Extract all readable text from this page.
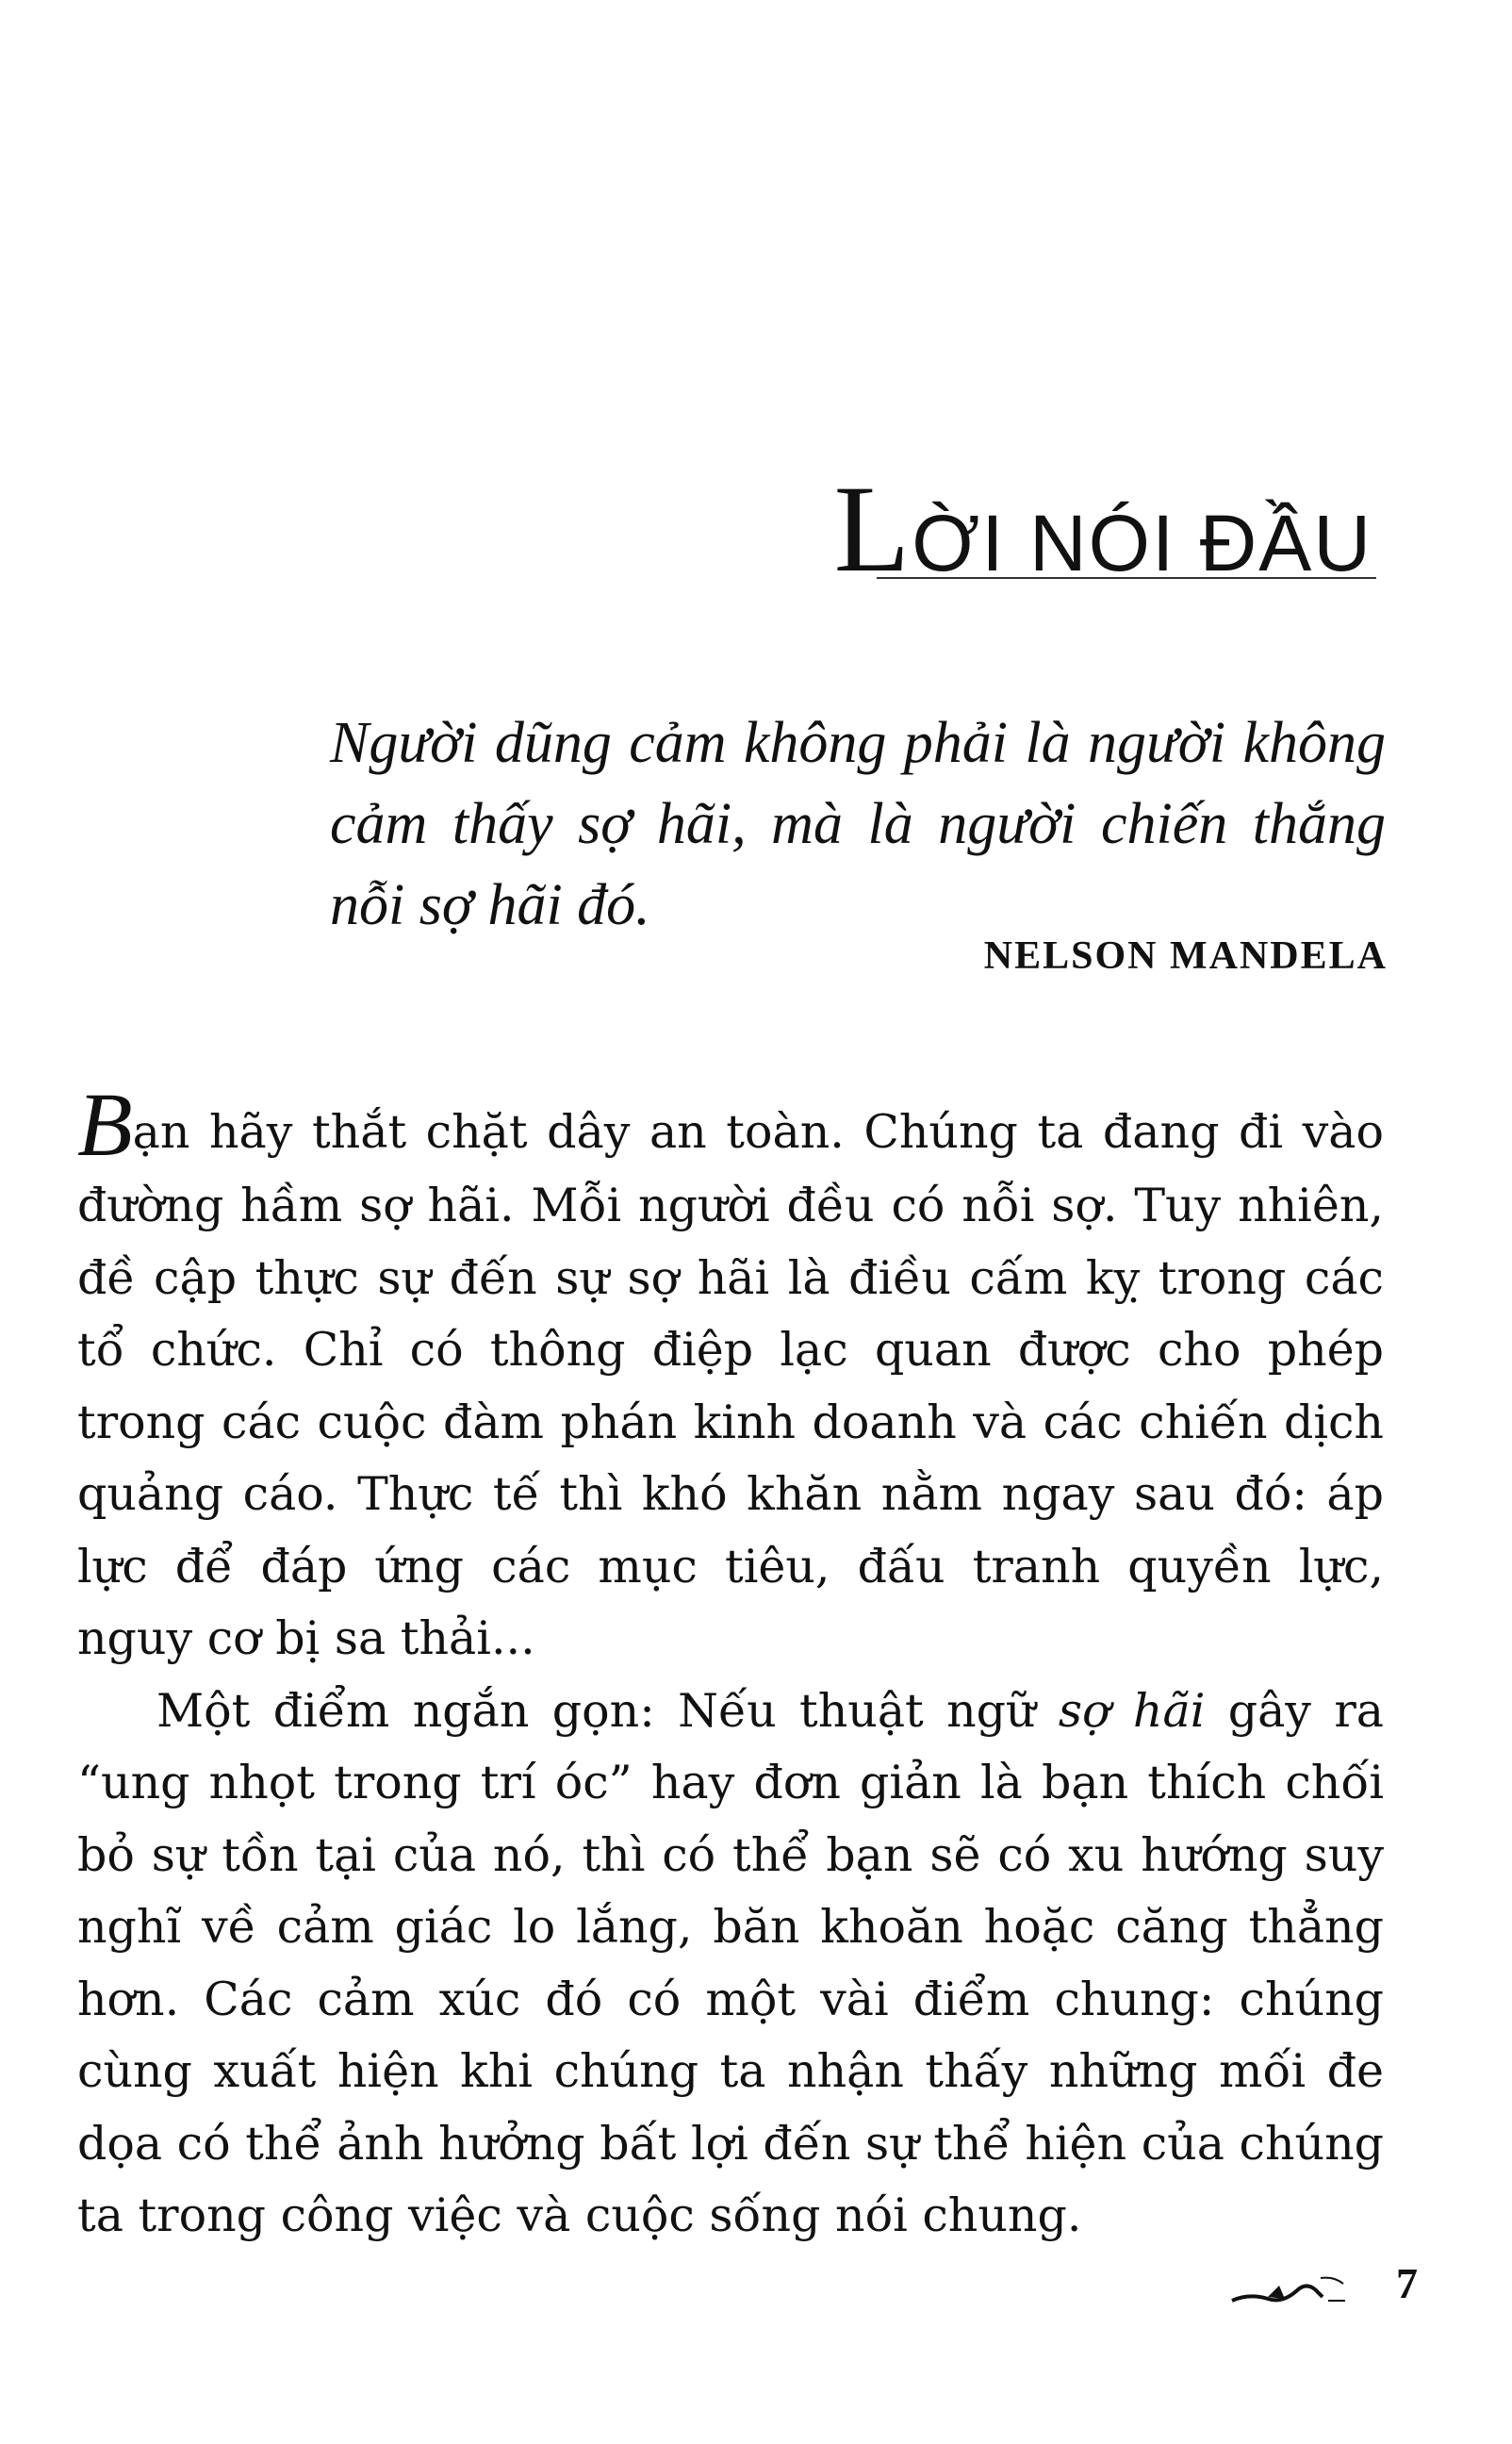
LỜI NÓI ĐẦU
Người dũng cảm không phải là người không cảm thấy sợ hãi, mà là người chiến thắng nỗi sợ hãi đó.
NELSON MANDELA

Bạn hãy thắt chặt dây an toàn. Chúng ta đang đi vào đường hầm sợ hãi. Mỗi người đều có nỗi sợ. Tuy nhiên, đề cập thực sự đến sự sợ hãi là điều cấm kỵ trong các tổ chức. Chỉ có thông điệp lạc quan được cho phép trong các cuộc đàm phán kinh doanh và các chiến dịch quảng cáo. Thực tế thì khó khăn nằm ngay sau đó: áp lực để đáp ứng các mục tiêu, đấu tranh quyền lực, nguy cơ bị sa thải...

Một điểm ngắn gọn: Nếu thuật ngữ sợ hãi gây ra “ung nhọt trong trí óc” hay đơn giản là bạn thích chối bỏ sự tồn tại của nó, thì có thể bạn sẽ có xu hướng suy nghĩ về cảm giác lo lắng, băn khoăn hoặc căng thẳng hơn. Các cảm xúc đó có một vài điểm chung: chúng cùng xuất hiện khi chúng ta nhận thấy những mối đe dọa có thể ảnh hưởng bất lợi đến sự thể hiện của chúng ta trong công việc và cuộc sống nói chung.

7
